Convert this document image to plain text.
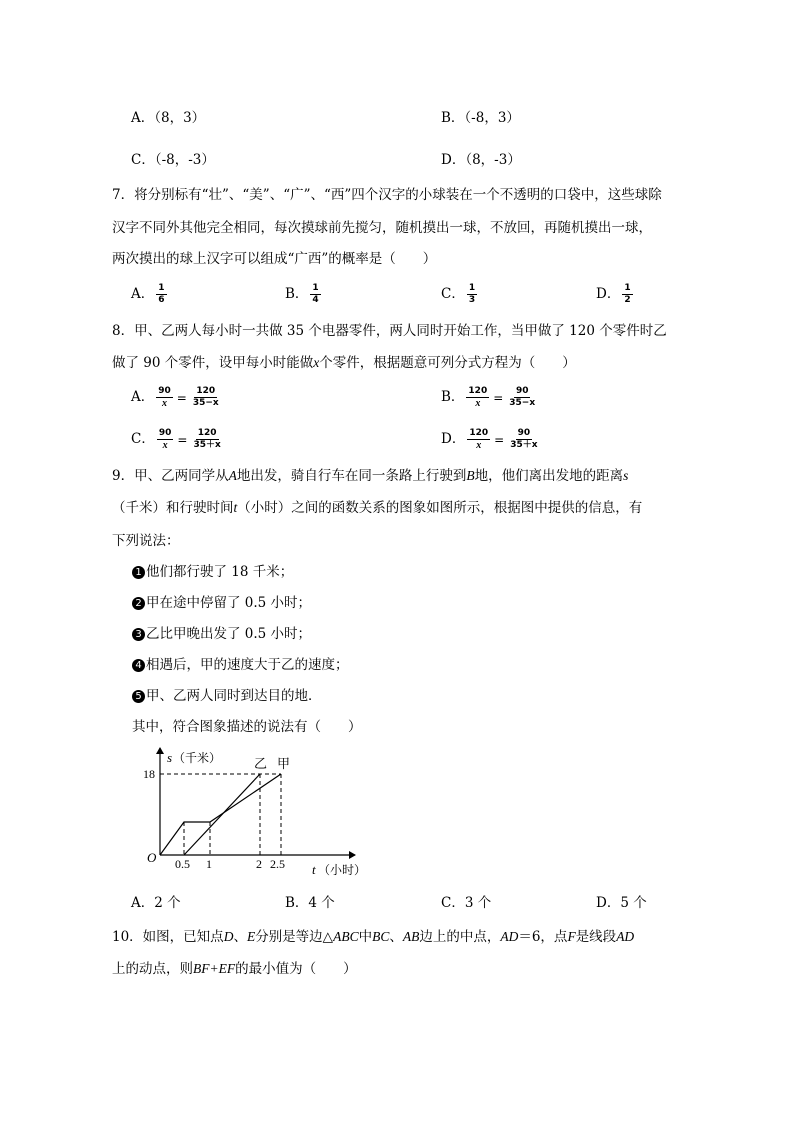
A．（8，3）	B．（-8，3）
C．（-8，-3）	D．（8，-3）
7．将分别标有“壮”、“美”、“广”、“西”四个汉字的小球装在一个不透明的口袋中，这些球除
汉字不同外其他完全相同，每次摸球前先搅匀，随机摸出一球，不放回，再随机摸出一球，
两次摸出的球上汉字可以组成“广西”的概率是（　　）
A． $\frac{1}{6}$	B． $\frac{1}{4}$	C． $\frac{1}{3}$	D． $\frac{1}{2}$
8．甲、乙两人每小时一共做 35 个电器零件，两人同时开始工作，当甲做了 120 个零件时乙
做了 90 个零件，设甲每小时能做x个零件，根据题意可列分式方程为（　　）
A． $\frac{90}{x} = \frac{120}{35-x}$	B． $\frac{120}{x} = \frac{90}{35-x}$
C． $\frac{90}{x} = \frac{120}{35+x}$	D． $\frac{120}{x} = \frac{90}{35+x}$
9．甲、乙两同学从A地出发，骑自行车在同一条路上行驶到B地，他们离出发地的距离s
（千米）和行驶时间t（小时）之间的函数关系的图象如图所示，根据图中提供的信息，有
下列说法：
1 他们都行驶了 18 千米；
2 甲在途中停留了 0.5 小时；
3 乙比甲晚出发了 0.5 小时；
4 相遇后，甲的速度大于乙的速度；
5 甲、乙两人同时到达目的地．
其中，符合图象描述的说法有（　　）
s （千米）
t （小时）
O
18
0.5 1	2 2.5
乙 甲
A．2 个	B．4 个	C．3 个	D．5 个
10．如图，已知点D、E分别是等边△ABC中BC、AB边上的中点，AD＝6，点F是线段AD
上的动点，则BF+EF的最小值为（　　）
